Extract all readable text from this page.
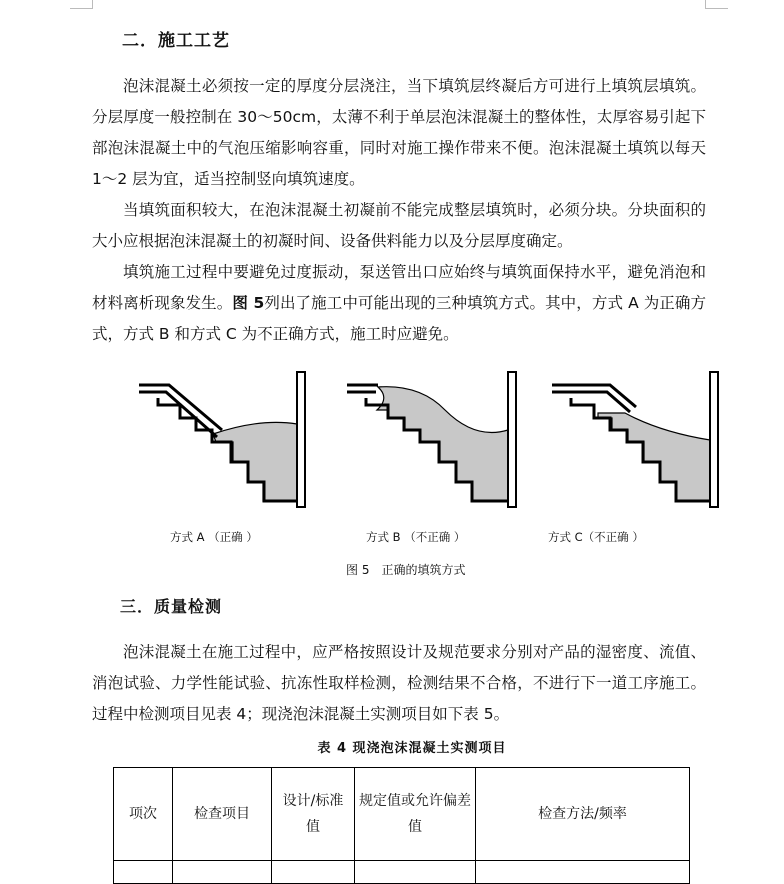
二．施工工艺

泡沫混凝土必须按一定的厚度分层浇注，当下填筑层终凝后方可进行上填筑层填筑。分层厚度一般控制在 30～50cm，太薄不利于单层泡沫混凝土的整体性，太厚容易引起下部泡沫混凝土中的气泡压缩影响容重，同时对施工操作带来不便。泡沫混凝土填筑以每天 1～2 层为宜，适当控制竖向填筑速度。

当填筑面积较大，在泡沫混凝土初凝前不能完成整层填筑时，必须分块。分块面积的大小应根据泡沫混凝土的初凝时间、设备供料能力以及分层厚度确定。

填筑施工过程中要避免过度振动，泵送管出口应始终与填筑面保持水平，避免消泡和材料离析现象发生。图 5列出了施工中可能出现的三种填筑方式。其中，方式 A 为正确方式，方式 B 和方式 C 为不正确方式，施工时应避免。

方式 A （正确 ）	方式 B （不正确 ）	方式 C（不正确 ）
图 5　正确的填筑方式
三．质量检测

泡沫混凝土在施工过程中，应严格按照设计及规范要求分别对产品的湿密度、流值、消泡试验、力学性能试验、抗冻性取样检测，检测结果不合格，不进行下一道工序施工。过程中检测项目见表 4；现浇泡沫混凝土实测项目如下表 5。

表 4 现浇泡沫混凝土实测项目
项次	检查项目	设计/标准值	规定值或允许偏差值	检查方法/频率
